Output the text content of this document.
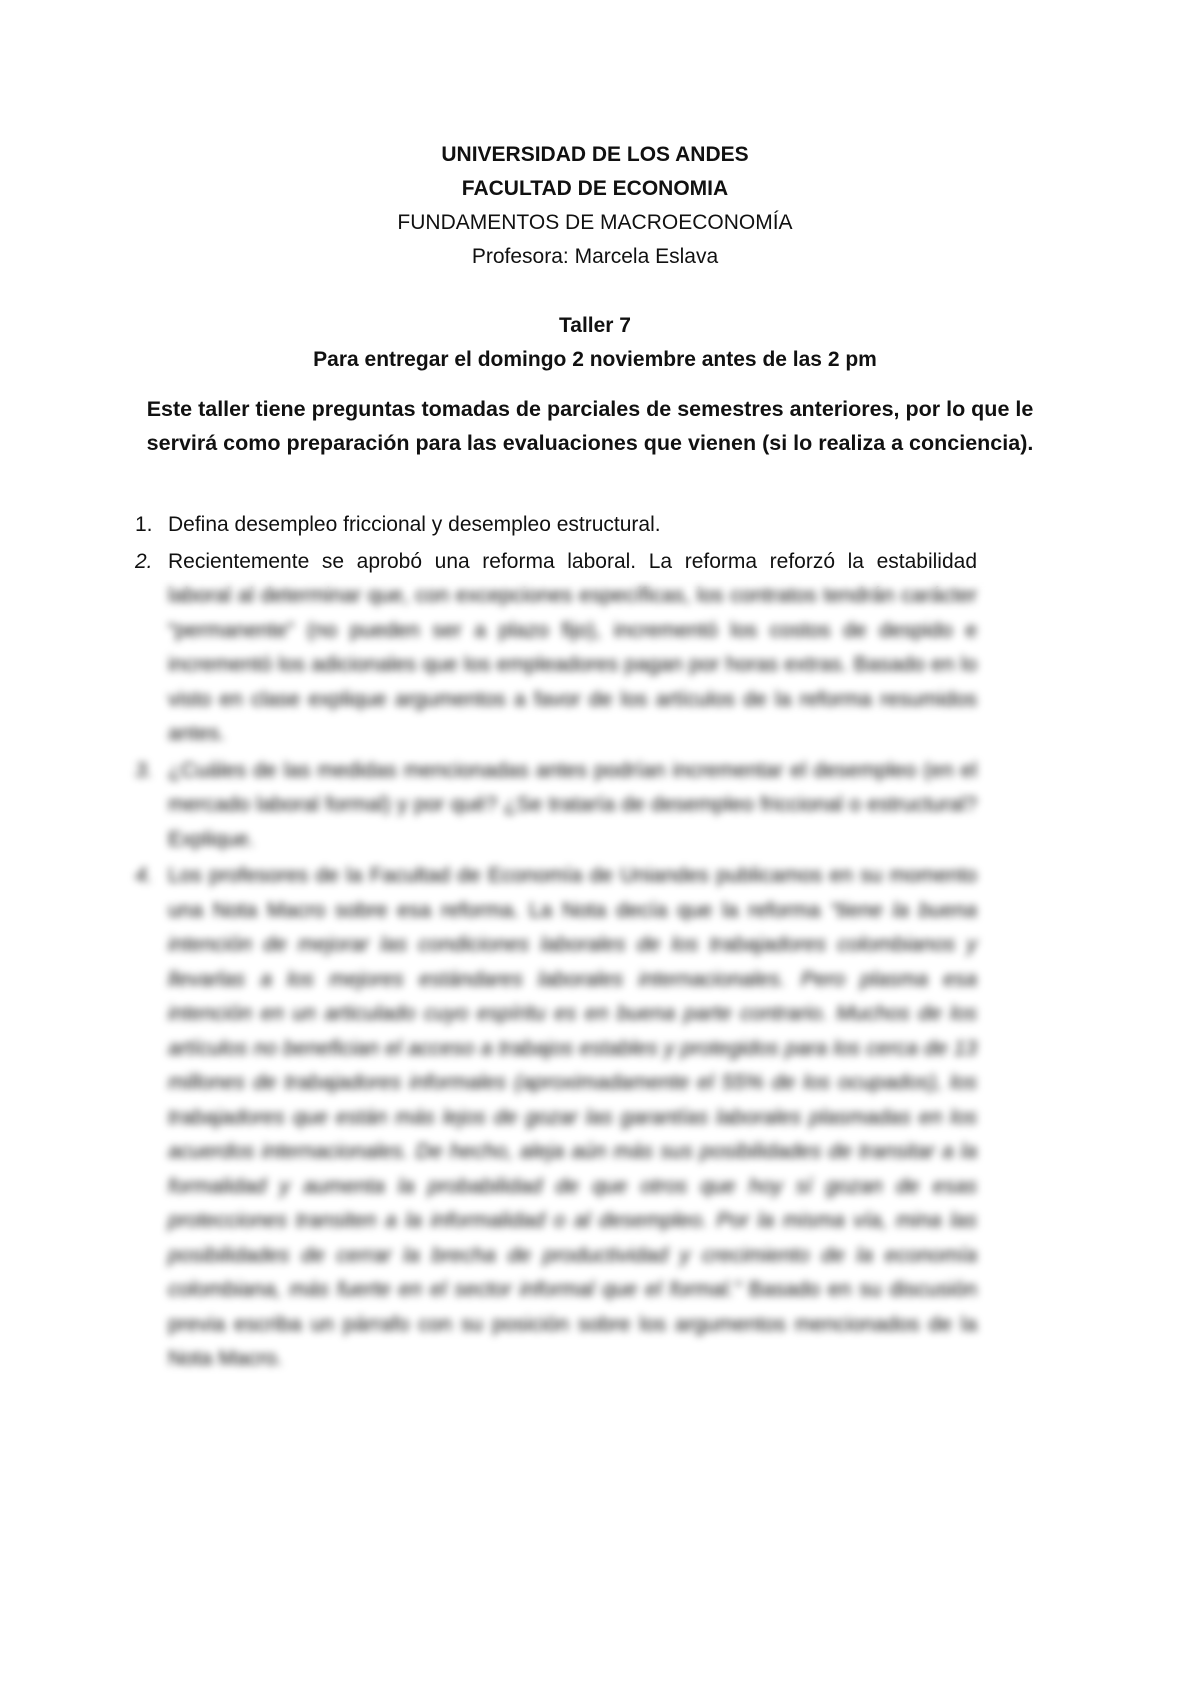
UNIVERSIDAD DE LOS ANDES
FACULTAD DE ECONOMIA
FUNDAMENTOS DE MACROECONOMÍA
Profesora: Marcela Eslava
Taller 7
Para entregar el domingo 2 noviembre antes de las 2 pm
Este taller tiene preguntas tomadas de parciales de semestres anteriores, por lo que le servirá como preparación para las evaluaciones que vienen (si lo realiza a conciencia).
1. Defina desempleo friccional y desempleo estructural.
2. Recientemente se aprobó una reforma laboral. La reforma reforzó la estabilidad laboral al determinar que, con excepciones específicas, los contratos tendrán carácter “permanente” (no pueden ser a plazo fijo), incrementó los costos de despido e incrementó los adicionales que los empleadores pagan por horas extras. Basado en lo visto en clase explique argumentos a favor de los artículos de la reforma resumidos antes.
3. ¿Cuáles de las medidas mencionadas antes podrían incrementar el desempleo (en el mercado laboral formal) y por qué? ¿Se trataría de desempleo friccional o estructural? Explique.
4. Los profesores de la Facultad de Economía de Uniandes publicamos en su momento una Nota Macro sobre esa reforma. La Nota decía que la reforma “tiene la buena intención de mejorar las condiciones laborales de los trabajadores colombianos y llevarlas a los mejores estándares laborales internacionales. Pero plasma esa intención en un articulado cuyo espíritu es en buena parte contrario. Muchos de los artículos no benefician el acceso a trabajos estables y protegidos para los cerca de 13 millones de trabajadores informales (aproximadamente el 55% de los ocupados), los trabajadores que están más lejos de gozar las garantías laborales plasmadas en los acuerdos internacionales. De hecho, aleja aún más sus posibilidades de transitar a la formalidad y aumenta la probabilidad de que otros que hoy sí gozan de esas protecciones transiten a la informalidad o al desempleo. Por la misma vía, mina las posibilidades de cerrar la brecha de productividad y crecimiento de la economía colombiana, más fuerte en el sector informal que el formal.” Basado en su discusión previa escriba un párrafo con su posición sobre los argumentos mencionados de la Nota Macro.
